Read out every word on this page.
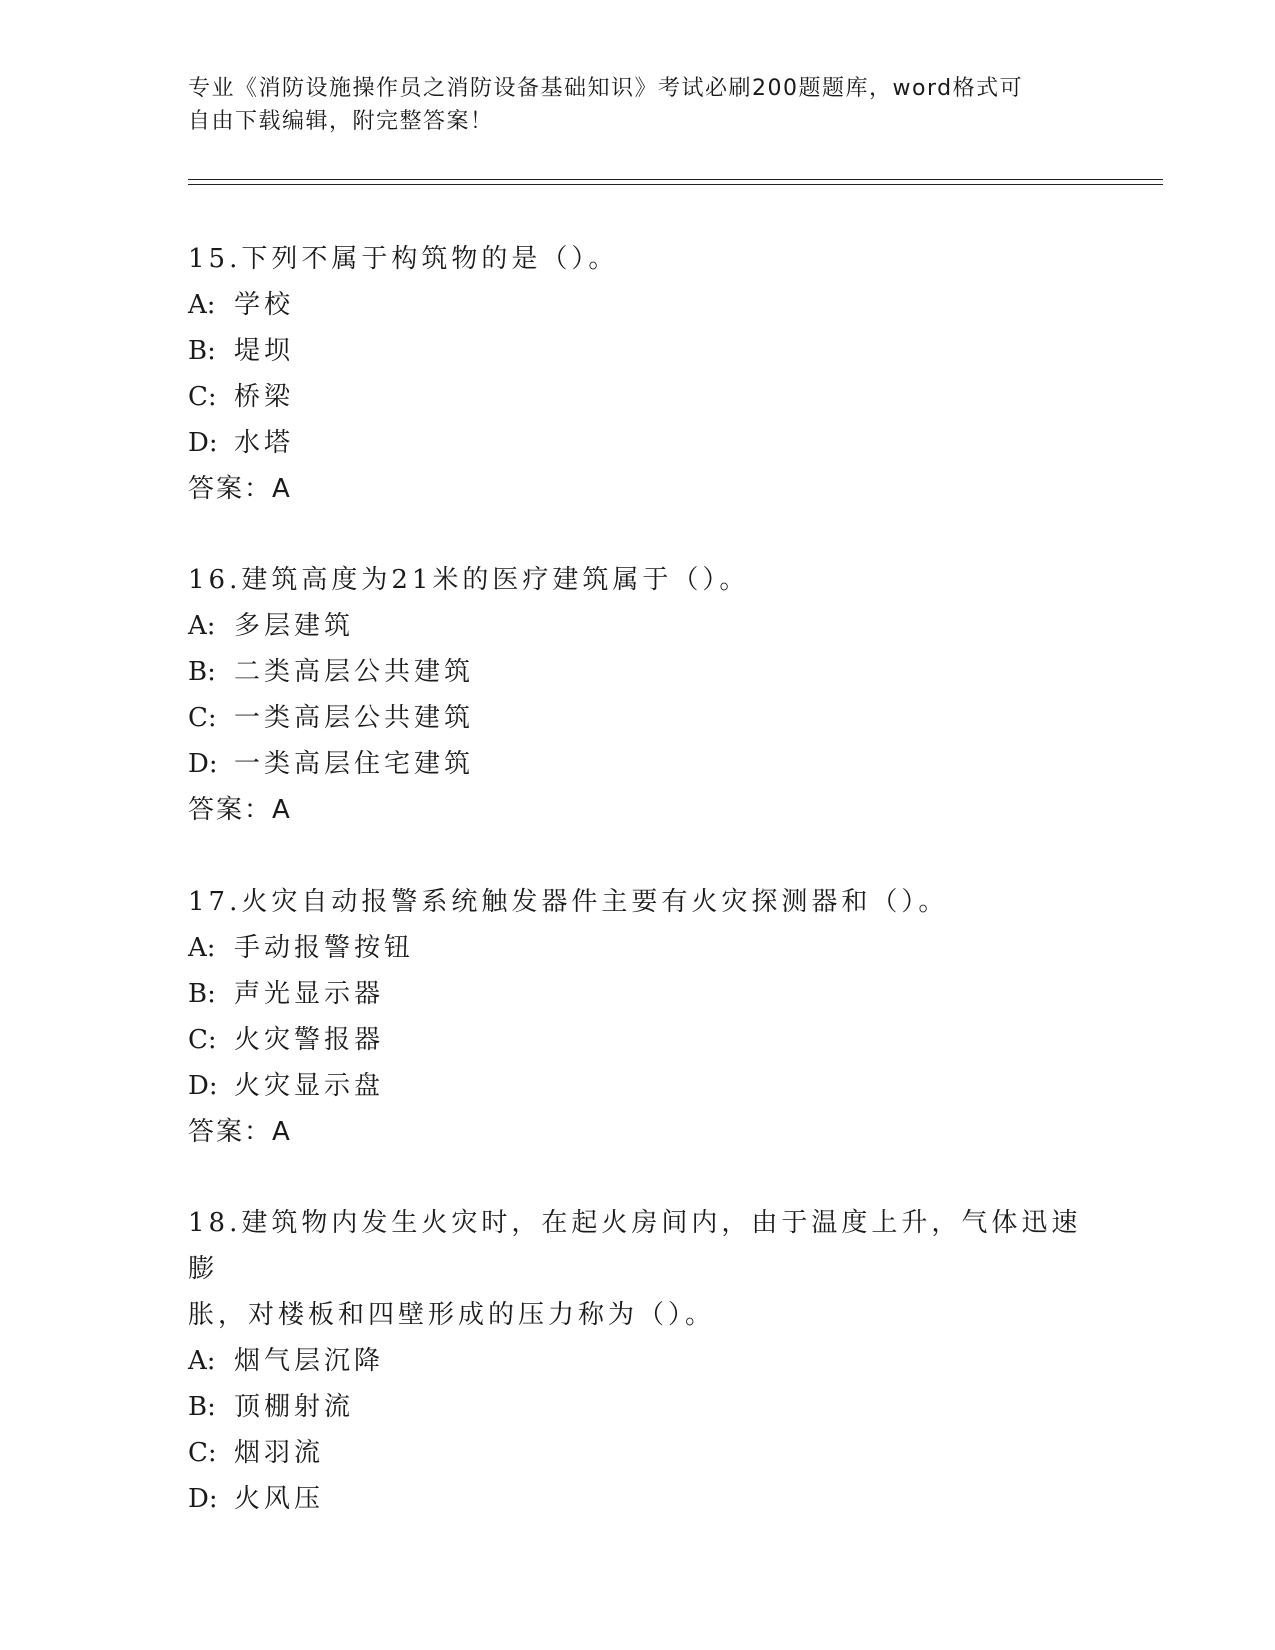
专业《消防设施操作员之消防设备基础知识》考试必刷200题题库，word格式可
自由下载编辑，附完整答案！
15.下列不属于构筑物的是（）。
A: 学校
B: 堤坝
C: 桥梁
D: 水塔
答案：A
16.建筑高度为21米的医疗建筑属于（）。
A: 多层建筑
B: 二类高层公共建筑
C: 一类高层公共建筑
D: 一类高层住宅建筑
答案：A
17.火灾自动报警系统触发器件主要有火灾探测器和（）。
A: 手动报警按钮
B: 声光显示器
C: 火灾警报器
D: 火灾显示盘
答案：A
18.建筑物内发生火灾时，在起火房间内，由于温度上升，气体迅速膨
胀，对楼板和四壁形成的压力称为（）。
A: 烟气层沉降
B: 顶棚射流
C: 烟羽流
D: 火风压
